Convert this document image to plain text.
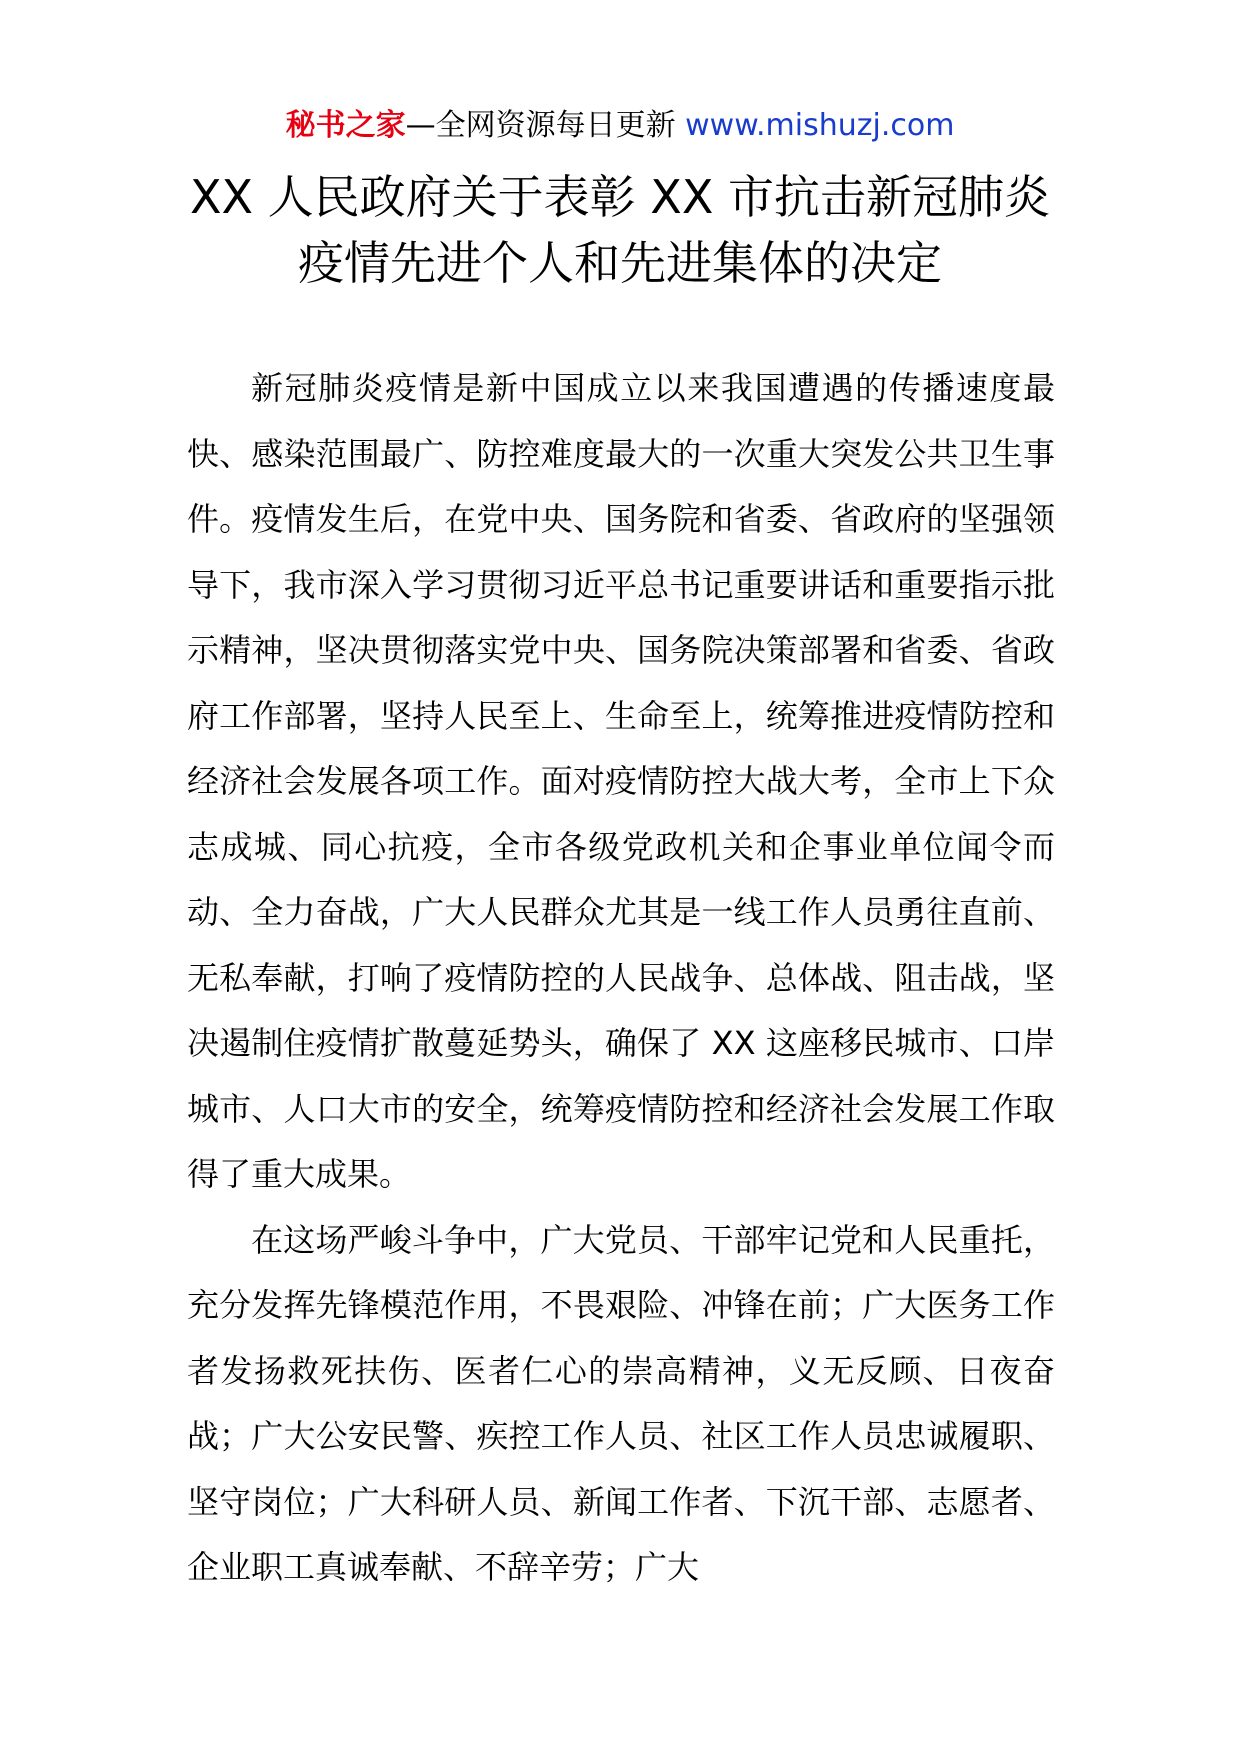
秘书之家—全网资源每日更新 www.mishuzj.com
XX 人民政府关于表彰 XX 市抗击新冠肺炎
疫情先进个人和先进集体的决定

新冠肺炎疫情是新中国成立以来我国遭遇的传播速度最快、感染范围最广、防控难度最大的一次重大突发公共卫生事件。疫情发生后，在党中央、国务院和省委、省政府的坚强领导下，我市深入学习贯彻习近平总书记重要讲话和重要指示批示精神，坚决贯彻落实党中央、国务院决策部署和省委、省政府工作部署，坚持人民至上、生命至上，统筹推进疫情防控和经济社会发展各项工作。面对疫情防控大战大考，全市上下众志成城、同心抗疫，全市各级党政机关和企事业单位闻令而动、全力奋战，广大人民群众尤其是一线工作人员勇往直前、无私奉献，打响了疫情防控的人民战争、总体战、阻击战，坚决遏制住疫情扩散蔓延势头，确保了 XX 这座移民城市、口岸城市、人口大市的安全，统筹疫情防控和经济社会发展工作取得了重大成果。

在这场严峻斗争中，广大党员、干部牢记党和人民重托，充分发挥先锋模范作用，不畏艰险、冲锋在前；广大医务工作者发扬救死扶伤、医者仁心的崇高精神，义无反顾、日夜奋战；广大公安民警、疾控工作人员、社区工作人员忠诚履职、坚守岗位；广大科研人员、新闻工作者、下沉干部、志愿者、企业职工真诚奉献、不辞辛劳；广大
